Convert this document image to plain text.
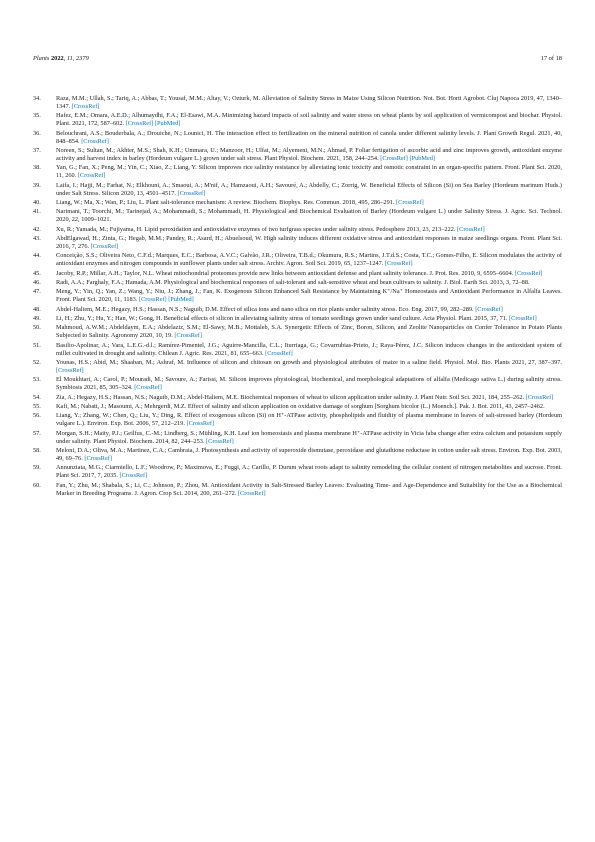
Plants 2022, 11, 2379	17 of 18
34.	Raza, M.M.; Ullah, S.; Tariq, A.; Abbas, T.; Yousaf, M.M.; Altay, V.; Ozturk, M. Alleviation of Salinity Stress in Maize Using Silicon Nutrition. Not. Bot. Horti Agrobot. Cluj Napoca 2019, 47, 1340–1347. [CrossRef]
35.	Hafez, E.M.; Omara, A.E.D.; Alhumaydhi, F.A.; El-Esawi, M.A. Minimizing hazard impacts of soil salinity and water stress on wheat plants by soil application of vermicompost and biochar. Physiol. Plant. 2021, 172, 587–602. [CrossRef] [PubMed]
36.	Belouchrani, A.S.; Bouderbala, A.; Drouiche, N.; Lounici, H. The interaction effect to fertilization on the mineral nutrition of canola under different salinity levels. J. Plant Growth Regul. 2021, 40, 848–854. [CrossRef]
37.	Noreen, S.; Sultan, M.; Akhter, M.S.; Shah, K.H.; Ummara, U.; Manzoor, H.; Ulfat, M.; Alyemeni, M.N.; Ahmad, P. Foliar fertigation of ascorbic acid and zinc improves growth, antioxidant enzyme activity and harvest index in barley (Hordeum vulgare L.) grown under salt stress. Plant Physiol. Biochem. 2021, 158, 244–254. [CrossRef] [PubMed]
38.	Yan, G.; Fan, X.; Peng, M.; Yin, C.; Xiao, Z.; Liang, Y. Silicon improves rice salinity resistance by alleviating ionic toxicity and osmotic constraint in an organ-specific pattern. Front. Plant Sci. 2020, 11, 260. [CrossRef]
39.	Laifa, I.; Hajji, M.; Farhat, N.; Elkhouni, A.; Smaoui, A.; M'nif, A.; Hamzaoui, A.H.; Savouré, A.; Abdelly, C.; Zorrig, W. Beneficial Effects of Silicon (Si) on Sea Barley (Hordeum marinum Huds.) under Salt Stress. Silicon 2020, 13, 4501–4517. [CrossRef]
40.	Liang, W.; Ma, X.; Wan, P.; Liu, L. Plant salt-tolerance mechanism: A review. Biochem. Biophys. Res. Commun. 2018, 495, 286–291. [CrossRef]
41.	Narimani, T.; Toorchi, M.; Tarinejad, A.; Mohammadi, S.; Mohammadi, H. Physiological and Biochemical Evaluation of Barley (Hordeum vulgare L.) under Salinity Stress. J. Agric. Sci. Technol. 2020, 22, 1009–1021.
42.	Xu, R.; Yamada, M.; Fujiyama, H. Lipid peroxidation and antioxidative enzymes of two turfgrass species under salinity stress. Pedosphere 2013, 23, 213–222. [CrossRef]
43.	AbdElgawad, H.; Zinta, G.; Hegab, M.M.; Pandey, R.; Asard, H.; Abuelsoud, W. High salinity induces different oxidative stress and antioxidant responses in maize seedlings organs. Front. Plant Sci. 2016, 7, 276. [CrossRef]
44.	Conceição, S.S.; Oliveira Neto, C.F.d.; Marques, E.C.; Barbosa, A.V.C.; Galvão, J.R.; Oliveira, T.B.d.; Okumura, R.S.; Martins, J.T.d.S.; Costa, T.C.; Gomes-Filho, E. Silicon modulates the activity of antioxidant enzymes and nitrogen compounds in sunflower plants under salt stress. Archiv. Agron. Soil Sci. 2019, 65, 1237–1247. [CrossRef]
45.	Jacoby, R.P.; Millar, A.H.; Taylor, N.L. Wheat mitochondrial proteomes provide new links between antioxidant defense and plant salinity tolerance. J. Prot. Res. 2010, 9, 6595–6604. [CrossRef]
46.	Radi, A.A.; Farghaly, F.A.; Hamada, A.M. Physiological and biochemical responses of salt-tolerant and salt-sensitive wheat and bean cultivars to salinity. J. Biol. Earth Sci. 2013, 3, 72–88.
47.	Meng, Y.; Yin, Q.; Yan, Z.; Wang, Y.; Niu, J.; Zhang, J.; Fan, K. Exogenous Silicon Enhanced Salt Resistance by Maintaining K⁺/Na⁺ Homeostasis and Antioxidant Performance in Alfalfa Leaves. Front. Plant Sci. 2020, 11, 1183. [CrossRef] [PubMed]
48.	Abdel-Haliem, M.E.; Hegazy, H.S.; Hassan, N.S.; Naguib, D.M. Effect of silica ions and nano silica on rice plants under salinity stress. Eco. Eng. 2017, 99, 282–289. [CrossRef]
49.	Li, H.; Zhu, Y.; Hu, Y.; Han, W.; Gong, H. Beneficial effects of silicon in alleviating salinity stress of tomato seedlings grown under sand culture. Acta Physiol. Plant. 2015, 37, 71. [CrossRef]
50.	Mahmoud, A.W.M.; Abdeldaym, E.A.; Abdelaziz, S.M.; El-Sawy, M.B.; Mottaleb, S.A. Synergetic Effects of Zinc, Boron, Silicon, and Zeolite Nanoparticles on Confer Tolerance in Potato Plants Subjected to Salinity. Agronomy 2020, 10, 19. [CrossRef]
51.	Basilio-Apolinar, A.; Vara, L.E.G.-d.l.; Ramírez-Pimentel, J.G.; Aguirre-Mancilla, C.L.; Iturriaga, G.; Covarrubias-Prieto, J.; Raya-Pérez, J.C. Silicon induces changes in the antioxidant system of millet cultivated in drought and salinity. Chilean J. Agric. Res. 2021, 81, 655–663. [CrossRef]
52.	Younas, H.S.; Abid, M.; Shaaban, M.; Ashraf, M. Influence of silicon and chitosan on growth and physiological attributes of maize in a saline field. Physiol. Mol. Bio. Plants 2021, 27, 387–397. [CrossRef]
53.	El Moukhtari, A.; Carol, P.; Mouradi, M.; Savoure, A.; Farissi, M. Silicon improves physiological, biochemical, and morphological adaptations of alfalfa (Medicago sativa L.) during salinity stress. Symbiosis 2021, 85, 305–324. [CrossRef]
54.	Zia, A.; Hegazy, H.S.; Hassan, N.S.; Naguib, D.M.; Abdel-Haliem, M.E. Biochemical responses of wheat to silicon application under salinity. J. Plant Nutr. Soil Sci. 2021, 184, 255–262. [CrossRef]
55.	Kafi, M.; Nabati, J.; Masoumi, A.; Mehrgerdi, M.Z. Effect of salinity and silicon application on oxidative damage of sorghum [Sorghum bicolor (L.) Moench.]. Pak. J. Bot. 2011, 43, 2457–2462.
56.	Liang, Y.; Zhang, W.; Chen, Q.; Liu, Y.; Ding, R. Effect of exogenous silicon (Si) on H⁺-ATPase activity, phospholipids and fluidity of plasma membrane in leaves of salt-stressed barley (Hordeum vulgare L.). Environ. Exp. Bot. 2006, 57, 212–219. [CrossRef]
57.	Morgan, S.H.; Maity, P.J.; Geilfus, C.-M.; Lindberg, S.; Mühling, K.H. Leaf ion homeostasis and plasma membrane H⁺-ATPase activity in Vicia faba change after extra calcium and potassium supply under salinity. Plant Physiol. Biochem. 2014, 82, 244–253. [CrossRef]
58.	Meloni, D.A.; Oliva, M.A.; Martinez, C.A.; Cambraia, J. Photosynthesis and activity of superoxide dismutase, peroxidase and glutathione reductase in cotton under salt stress. Environ. Exp. Bot. 2003, 49, 69–76. [CrossRef]
59.	Annunziata, M.G.; Ciarmiello, L.F.; Woodrow, P.; Maximova, E.; Fuggi, A.; Carillo, P. Durum wheat roots adapt to salinity remodeling the cellular content of nitrogen metabolites and sucrose. Front. Plant Sci. 2017, 7, 2035. [CrossRef]
60.	Fan, Y.; Zhu, M.; Shabala, S.; Li, C.; Johnson, P.; Zhou, M. Antioxidant Activity in Salt-Stressed Barley Leaves: Evaluating Time- and Age-Dependence and Suitability for the Use as a Biochemical Marker in Breeding Programs. J. Agron. Crop Sci. 2014, 200, 261–272. [CrossRef]
